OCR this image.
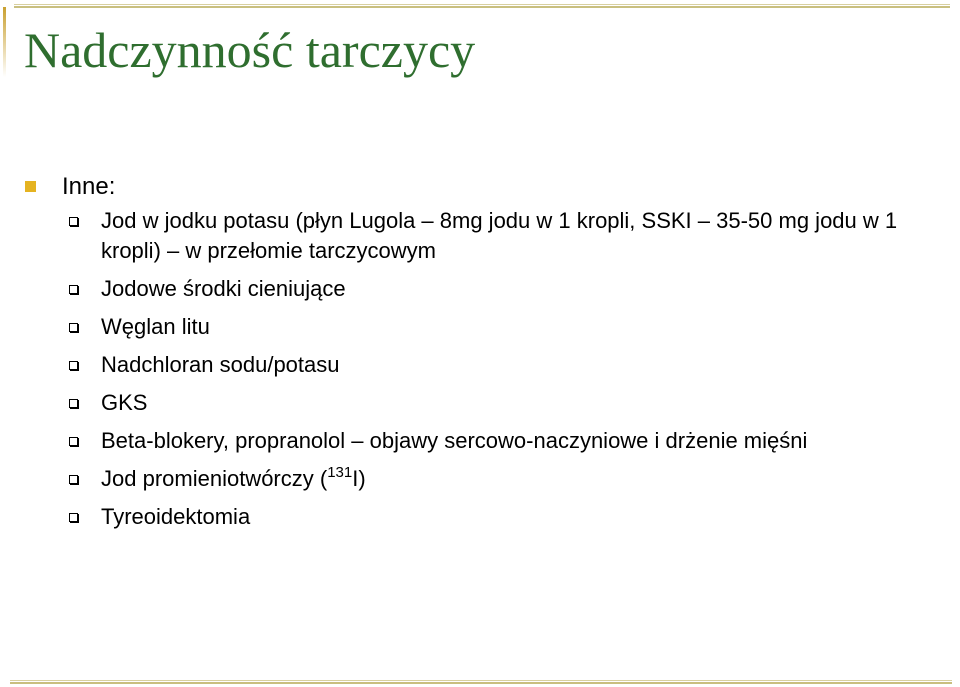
Nadczynność tarczycy
Inne:
Jod w jodku potasu (płyn Lugola – 8mg jodu w 1 kropli, SSKI – 35-50 mg jodu w 1 kropli) – w przełomie tarczycowym
Jodowe środki cieniujące
Węglan litu
Nadchloran sodu/potasu
GKS
Beta-blokery, propranolol – objawy sercowo-naczyniowe i drżenie mięśni
Jod promieniotwórczy ($^{131}$I)
Tyreoidektomia
